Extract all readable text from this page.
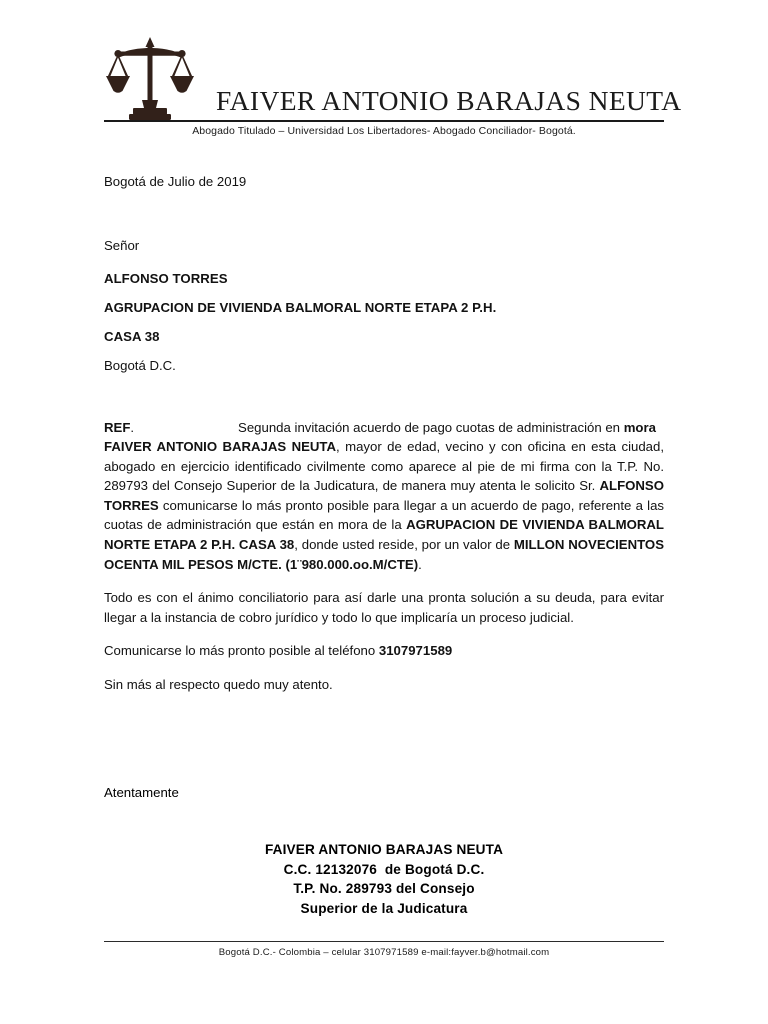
FAIVER ANTONIO BARAJAS NEUTA
Abogado Titulado – Universidad Los Libertadores- Abogado Conciliador- Bogotá.
Bogotá de Julio de 2019
Señor
ALFONSO TORRES
AGRUPACION DE VIVIENDA BALMORAL NORTE ETAPA 2 P.H.
CASA 38
Bogotá D.C.
REF.	Segunda invitación acuerdo de pago cuotas de administración en mora

FAIVER ANTONIO BARAJAS NEUTA, mayor de edad, vecino y con oficina en esta ciudad, abogado en ejercicio identificado civilmente como aparece al pie de mi firma con la T.P. No. 289793 del Consejo Superior de la Judicatura, de manera muy atenta le solicito Sr. ALFONSO TORRES comunicarse lo más pronto posible para llegar a un acuerdo de pago, referente a las cuotas de administración que están en mora de la AGRUPACION DE VIVIENDA BALMORAL NORTE ETAPA 2 P.H. CASA 38, donde usted reside, por un valor de MILLON NOVECIENTOS OCENTA MIL PESOS M/CTE. (1¨980.000.oo.M/CTE).

Todo es con el ánimo conciliatorio para así darle una pronta solución a su deuda, para evitar llegar a la instancia de cobro jurídico y todo lo que implicaría un proceso judicial.

Comunicarse lo más pronto posible al teléfono 3107971589

Sin más al respecto quedo muy atento.

Atentamente
FAIVER ANTONIO BARAJAS NEUTA
C.C. 12132076  de Bogotá D.C.
T.P. No. 289793 del Consejo
Superior de la Judicatura
Bogotá D.C.- Colombia – celular 3107971589 e-mail:fayver.b@hotmail.com
